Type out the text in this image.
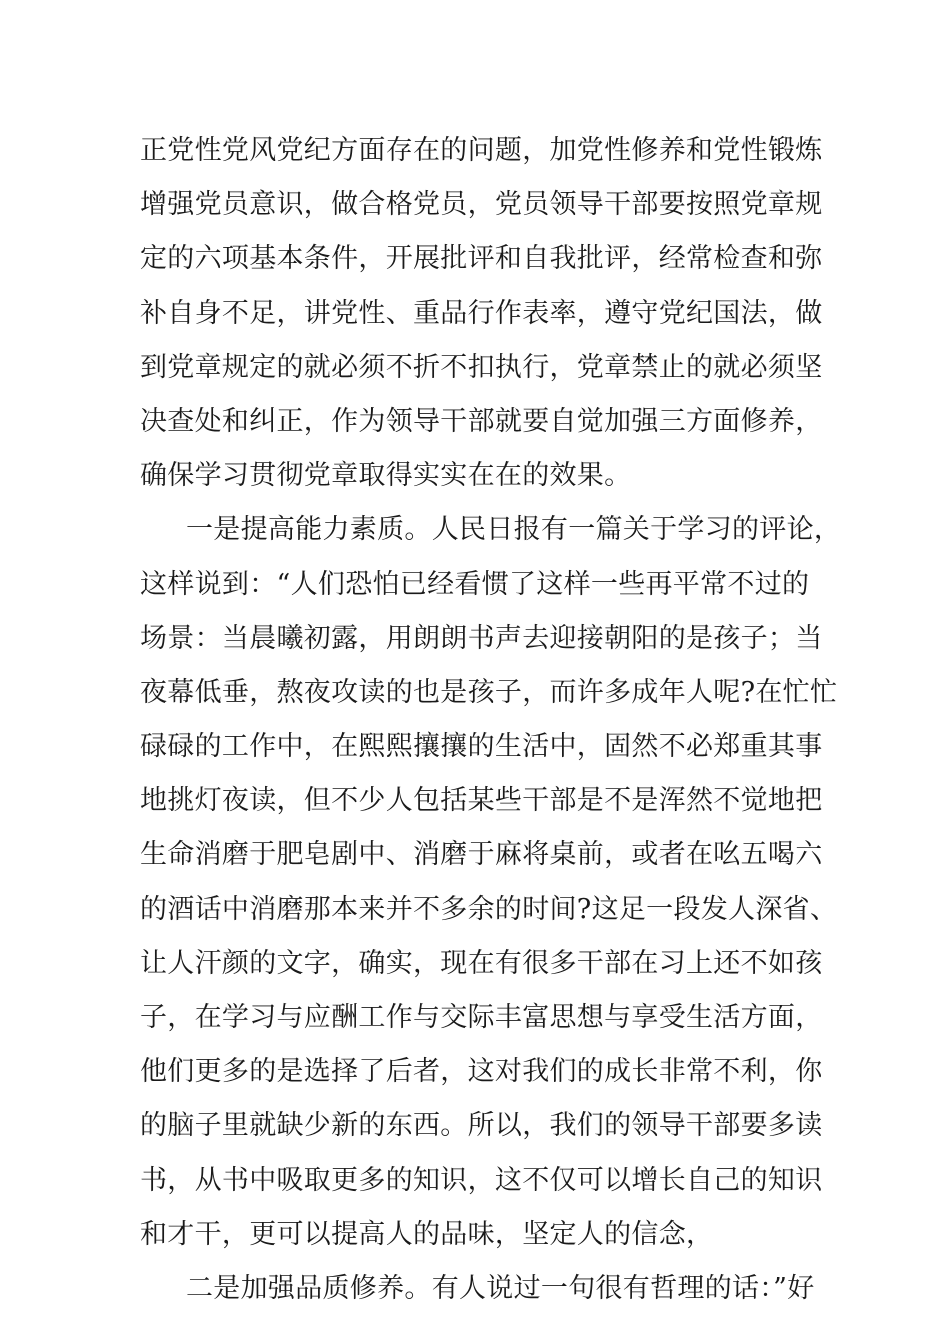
正党性党风党纪方面存在的问题，加党性修养和党性锻炼
增强党员意识，做合格党员，党员领导干部要按照党章规
定的六项基本条件，开展批评和自我批评，经常检查和弥
补自身不足，讲党性、重品行作表率，遵守党纪国法，做
到党章规定的就必须不折不扣执行，党章禁止的就必须坚
决查处和纠正，作为领导干部就要自觉加强三方面修养，
确保学习贯彻党章取得实实在在的效果。
一是提高能力素质。人民日报有一篇关于学习的评论，
这样说到：“人们恐怕已经看惯了这样一些再平常不过的
场景：当晨曦初露，用朗朗书声去迎接朝阳的是孩子；当
夜幕低垂，熬夜攻读的也是孩子，而许多成年人呢?在忙忙
碌碌的工作中，在熙熙攘攘的生活中，固然不必郑重其事
地挑灯夜读，但不少人包括某些干部是不是浑然不觉地把
生命消磨于肥皂剧中、消磨于麻将桌前，或者在吆五喝六
的酒话中消磨那本来并不多余的时间?这足一段发人深省、
让人汗颜的文字，确实，现在有很多干部在习上还不如孩
子，在学习与应酬工作与交际丰富思想与享受生活方面，
他们更多的是选择了后者，这对我们的成长非常不利，你
的脑子里就缺少新的东西。所以，我们的领导干部要多读
书，从书中吸取更多的知识，这不仅可以增长自己的知识
和才干，更可以提高人的品味，坚定人的信念，
二是加强品质修养。有人说过一句很有哲理的话：”好
